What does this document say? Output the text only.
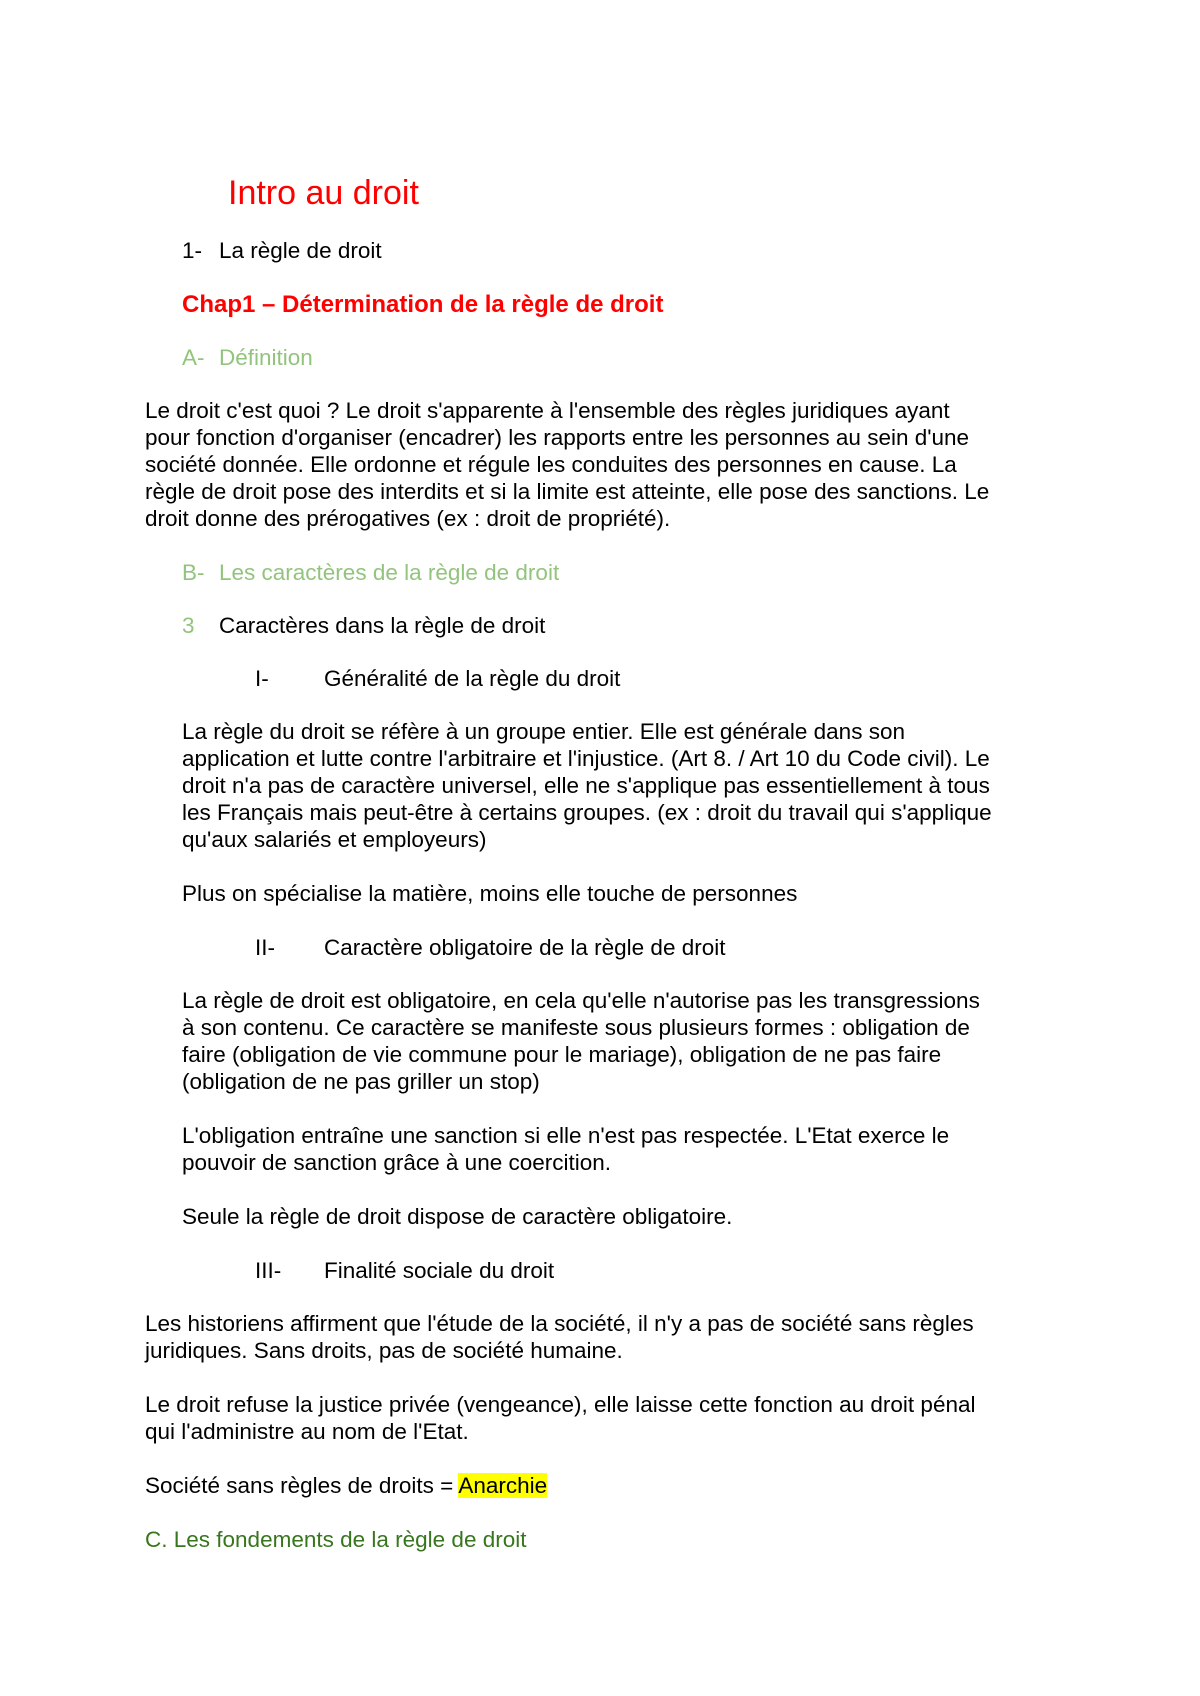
Intro au droit
1- La règle de droit
Chap1 – Détermination de la règle de droit
A- Définition
Le droit c'est quoi ? Le droit s'apparente à l'ensemble des règles juridiques ayant
pour fonction d'organiser (encadrer) les rapports entre les personnes au sein d'une
société donnée. Elle ordonne et régule les conduites des personnes en cause. La
règle de droit pose des interdits et si la limite est atteinte, elle pose des sanctions. Le
droit donne des prérogatives (ex : droit de propriété).
B- Les caractères de la règle de droit
3 Caractères dans la règle de droit
I- Généralité de la règle du droit
La règle du droit se réfère à un groupe entier. Elle est générale dans son
application et lutte contre l'arbitraire et l'injustice. (Art 8. / Art 10 du Code civil). Le
droit n'a pas de caractère universel, elle ne s'applique pas essentiellement à tous
les Français mais peut-être à certains groupes. (ex : droit du travail qui s'applique
qu'aux salariés et employeurs)
Plus on spécialise la matière, moins elle touche de personnes
II- Caractère obligatoire de la règle de droit
La règle de droit est obligatoire, en cela qu'elle n'autorise pas les transgressions
à son contenu. Ce caractère se manifeste sous plusieurs formes : obligation de
faire (obligation de vie commune pour le mariage), obligation de ne pas faire
(obligation de ne pas griller un stop)
L'obligation entraîne une sanction si elle n'est pas respectée. L'Etat exerce le
pouvoir de sanction grâce à une coercition.
Seule la règle de droit dispose de caractère obligatoire.
III- Finalité sociale du droit
Les historiens affirment que l'étude de la société, il n'y a pas de société sans règles
juridiques. Sans droits, pas de société humaine.
Le droit refuse la justice privée (vengeance), elle laisse cette fonction au droit pénal
qui l'administre au nom de l'Etat.
Société sans règles de droits = Anarchie
C. Les fondements de la règle de droit
